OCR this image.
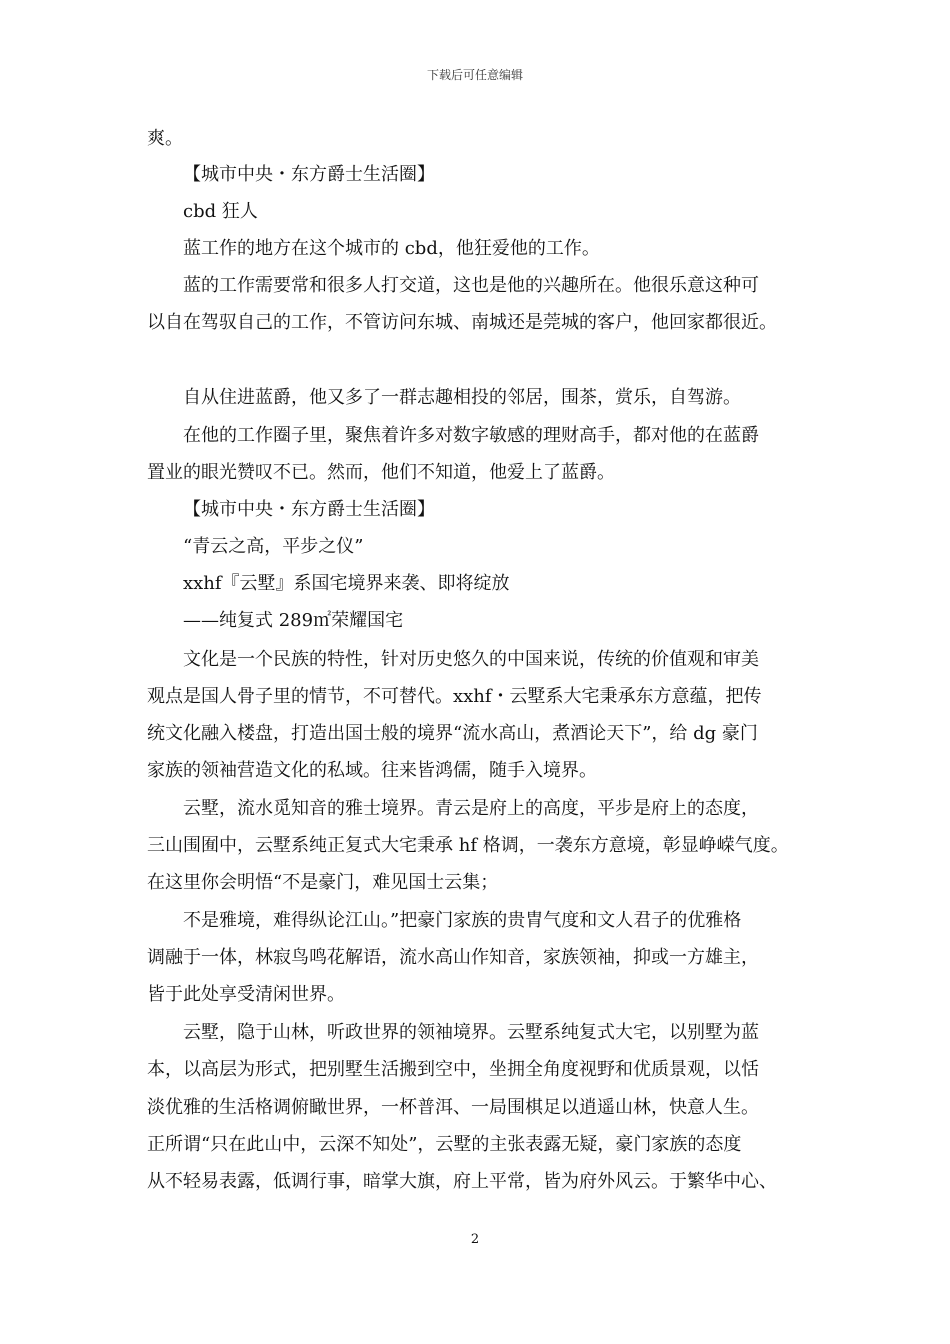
下载后可任意编辑
爽。
【城市中央・东方爵士生活圈】
cbd 狂人
蓝工作的地方在这个城市的 cbd，他狂爱他的工作。
蓝的工作需要常和很多人打交道，这也是他的兴趣所在。他很乐意这种可
以自在驾驭自己的工作，不管访问东城、南城还是莞城的客户，他回家都很近。
自从住进蓝爵，他又多了一群志趣相投的邻居，围茶，赏乐，自驾游。
在他的工作圈子里，聚焦着许多对数字敏感的理财高手，都对他的在蓝爵
置业的眼光赞叹不已。然而，他们不知道，他爱上了蓝爵。
【城市中央・东方爵士生活圈】
“青云之高，平步之仪”
xxhf『云墅』系国宅境界来袭、即将绽放
——纯复式 289㎡荣耀国宅
文化是一个民族的特性，针对历史悠久的中国来说，传统的价值观和审美
观点是国人骨子里的情节，不可替代。xxhf・云墅系大宅秉承东方意蕴，把传
统文化融入楼盘，打造出国士般的境界“流水高山，煮酒论天下”，给 dg 豪门
家族的领袖营造文化的私域。往来皆鸿儒，随手入境界。
云墅，流水觅知音的雅士境界。青云是府上的高度，平步是府上的态度，
三山围囿中，云墅系纯正复式大宅秉承 hf 格调，一袭东方意境，彰显峥嵘气度。
在这里你会明悟“不是豪门，难见国士云集；
不是雅境，难得纵论江山。”把豪门家族的贵胄气度和文人君子的优雅格
调融于一体，林寂鸟鸣花解语，流水高山作知音，家族领袖，抑或一方雄主，
皆于此处享受清闲世界。
云墅，隐于山林，听政世界的领袖境界。云墅系纯复式大宅，以别墅为蓝
本，以高层为形式，把别墅生活搬到空中，坐拥全角度视野和优质景观，以恬
淡优雅的生活格调俯瞰世界，一杯普洱、一局围棋足以逍遥山林，快意人生。
正所谓“只在此山中，云深不知处”，云墅的主张表露无疑，豪门家族的态度
从不轻易表露，低调行事，暗掌大旗，府上平常，皆为府外风云。于繁华中心、
2
